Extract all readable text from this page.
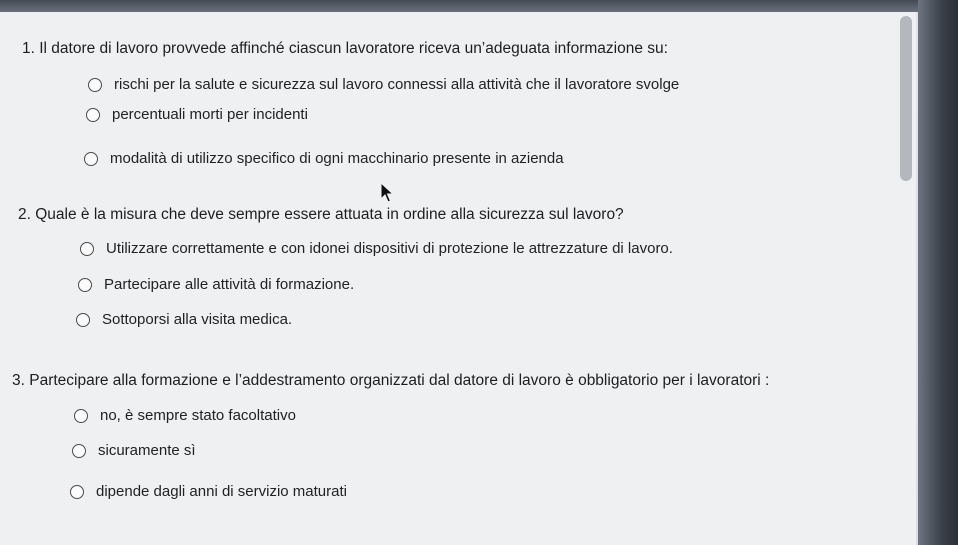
1. Il datore di lavoro provvede affinché ciascun lavoratore riceva un’adeguata informazione su:
rischi per la salute e sicurezza sul lavoro connessi alla attività che il lavoratore svolge
percentuali morti per incidenti
modalità di utilizzo specifico di ogni macchinario presente in azienda
2. Quale è la misura che deve sempre essere attuata in ordine alla sicurezza sul lavoro?
Utilizzare correttamente e con idonei dispositivi di protezione le attrezzature di lavoro.
Partecipare alle attività di formazione.
Sottoporsi alla visita medica.
3. Partecipare alla formazione e l’addestramento organizzati dal datore di lavoro è obbligatorio per i lavoratori :
no, è sempre stato facoltativo
sicuramente sì
dipende dagli anni di servizio maturati
